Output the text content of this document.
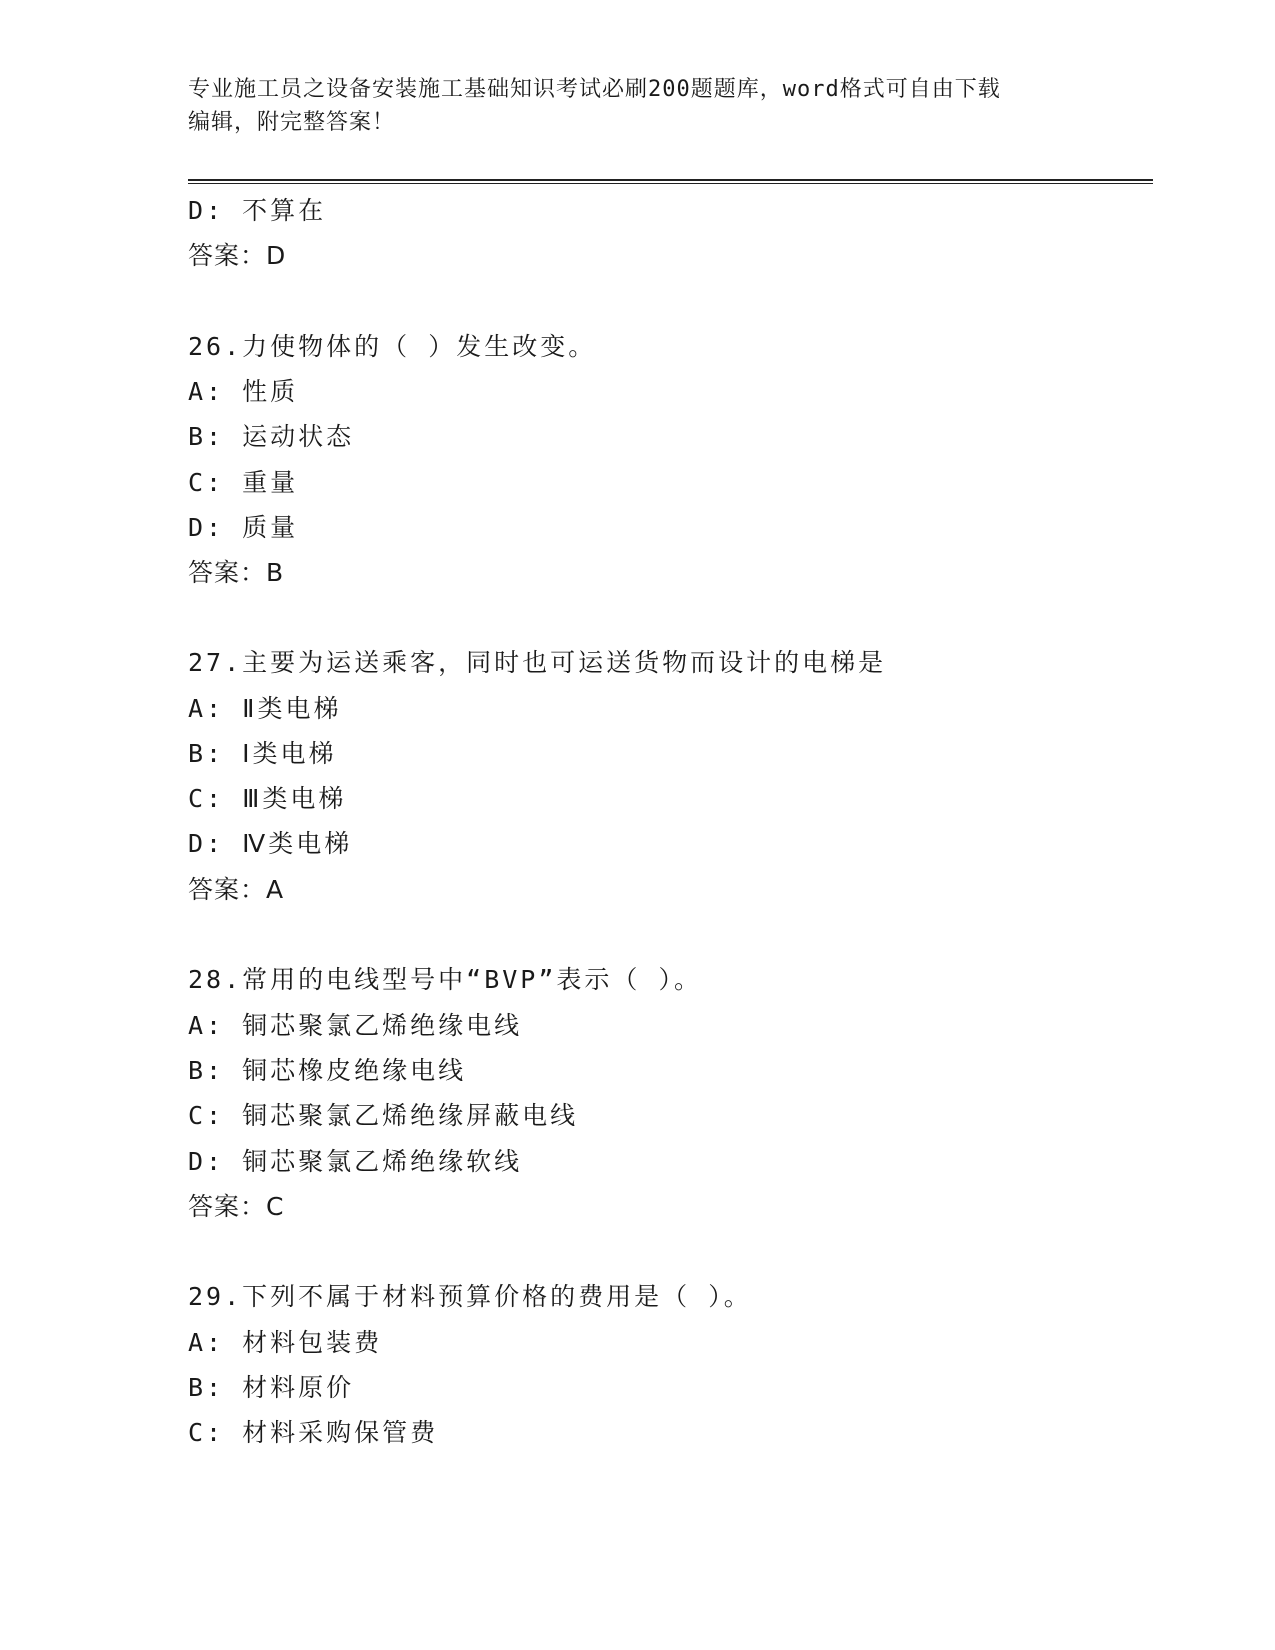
专业施工员之设备安装施工基础知识考试必刷200题题库，word格式可自由下载
编辑，附完整答案！
D: 不算在
答案：D
26.力使物体的（ ）发生改变。
A: 性质
B: 运动状态
C: 重量
D: 质量
答案：B
27.主要为运送乘客，同时也可运送货物而设计的电梯是
A: Ⅱ类电梯
B: Ⅰ类电梯
C: Ⅲ类电梯
D: Ⅳ类电梯
答案：A
28.常用的电线型号中“BVP”表示（ ）。
A: 铜芯聚氯乙烯绝缘电线
B: 铜芯橡皮绝缘电线
C: 铜芯聚氯乙烯绝缘屏蔽电线
D: 铜芯聚氯乙烯绝缘软线
答案：C
29.下列不属于材料预算价格的费用是（ ）。
A: 材料包装费
B: 材料原价
C: 材料采购保管费
